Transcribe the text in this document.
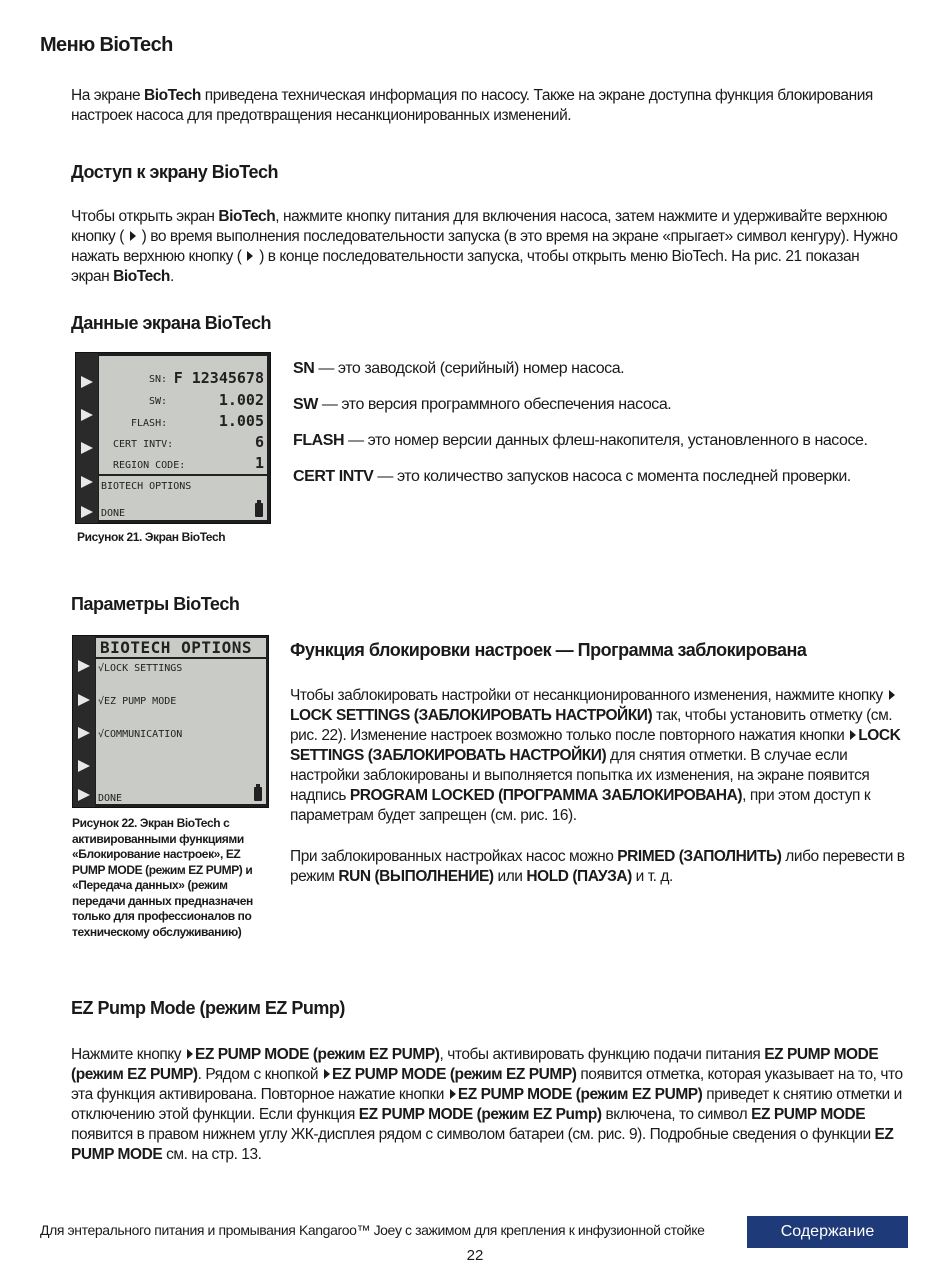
Меню BioTech

На экране BioTech приведена техническая информация по насосу. Также на экране доступна функция блокирования настроек насоса для предотвращения несанкционированных изменений.

Доступ к экрану BioTech

Чтобы открыть экран BioTech, нажмите кнопку питания для включения насоса, затем нажмите и удерживайте верхнюю кнопку (  ) во время выполнения последовательности запуска (в это время на экране «прыгает» символ кенгуру). Нужно нажать верхнюю кнопку (  ) в конце последовательности запуска, чтобы открыть меню BioTech. На рис. 21 показан экран BioTech.

Данные экрана BioTech
SN: F 12345678
SW:	1.002
FLASH:	1.005
CERT INTV:	6
REGION CODE:	1
BIOTECH OPTIONS
DONE

Рисунок 21. Экран BioTech

SN — это заводской (серийный) номер насоса.

SW — это версия программного обеспечения насоса.

FLASH — это номер версии данных флеш-накопителя, установленного в насосе.

CERT INTV — это количество запусков насоса с момента последней проверки.

Параметры BioTech
BIOTECH OPTIONS
√LOCK SETTINGS
√EZ PUMP MODE
√COMMUNICATION
DONE

Рисунок 22. Экран BioTech с активированными функциями «Блокирование настроек», EZ PUMP MODE (режим EZ PUMP) и «Передача данных» (режим передачи данных предназначен только для профессионалов по техническому обслуживанию)

Функция блокировки настроек — Программа заблокирована

Чтобы заблокировать настройки от несанкционированного изменения, нажмите кнопку LOCK SETTINGS (ЗАБЛОКИРОВАТЬ НАСТРОЙКИ) так, чтобы установить отметку (см. рис. 22). Изменение настроек возможно только после повторного нажатия кнопки LOCK SETTINGS (ЗАБЛОКИРОВАТЬ НАСТРОЙКИ) для снятия отметки. В случае если настройки заблокированы и выполняется попытка их изменения, на экране появится надпись PROGRAM LOCKED (ПРОГРАММА ЗАБЛОКИРОВАНА), при этом доступ к параметрам будет запрещен (см. рис. 16).

При заблокированных настройках насос можно PRIMED (ЗАПОЛНИТЬ) либо перевести в режим RUN (ВЫПОЛНЕНИЕ) или HOLD (ПАУЗА) и т. д.

EZ Pump Mode (режим EZ Pump)

Нажмите кнопку EZ PUMP MODE (режим EZ PUMP), чтобы активировать функцию подачи питания EZ PUMP MODE (режим EZ PUMP). Рядом с кнопкой EZ PUMP MODE (режим EZ PUMP) появится отметка, которая указывает на то, что эта функция активирована. Повторное нажатие кнопки EZ PUMP MODE (режим EZ PUMP) приведет к снятию отметки и отключению этой функции. Если функция EZ PUMP MODE (режим EZ Pump) включена, то символ EZ PUMP MODE появится в правом нижнем углу ЖК-дисплея рядом с символом батареи (см. рис. 9). Подробные сведения о функции EZ PUMP MODE см. на стр. 13.

Для энтерального питания и промывания Kangaroo™ Joey с зажимом для крепления к инфузионной стойке	Содержание
22
